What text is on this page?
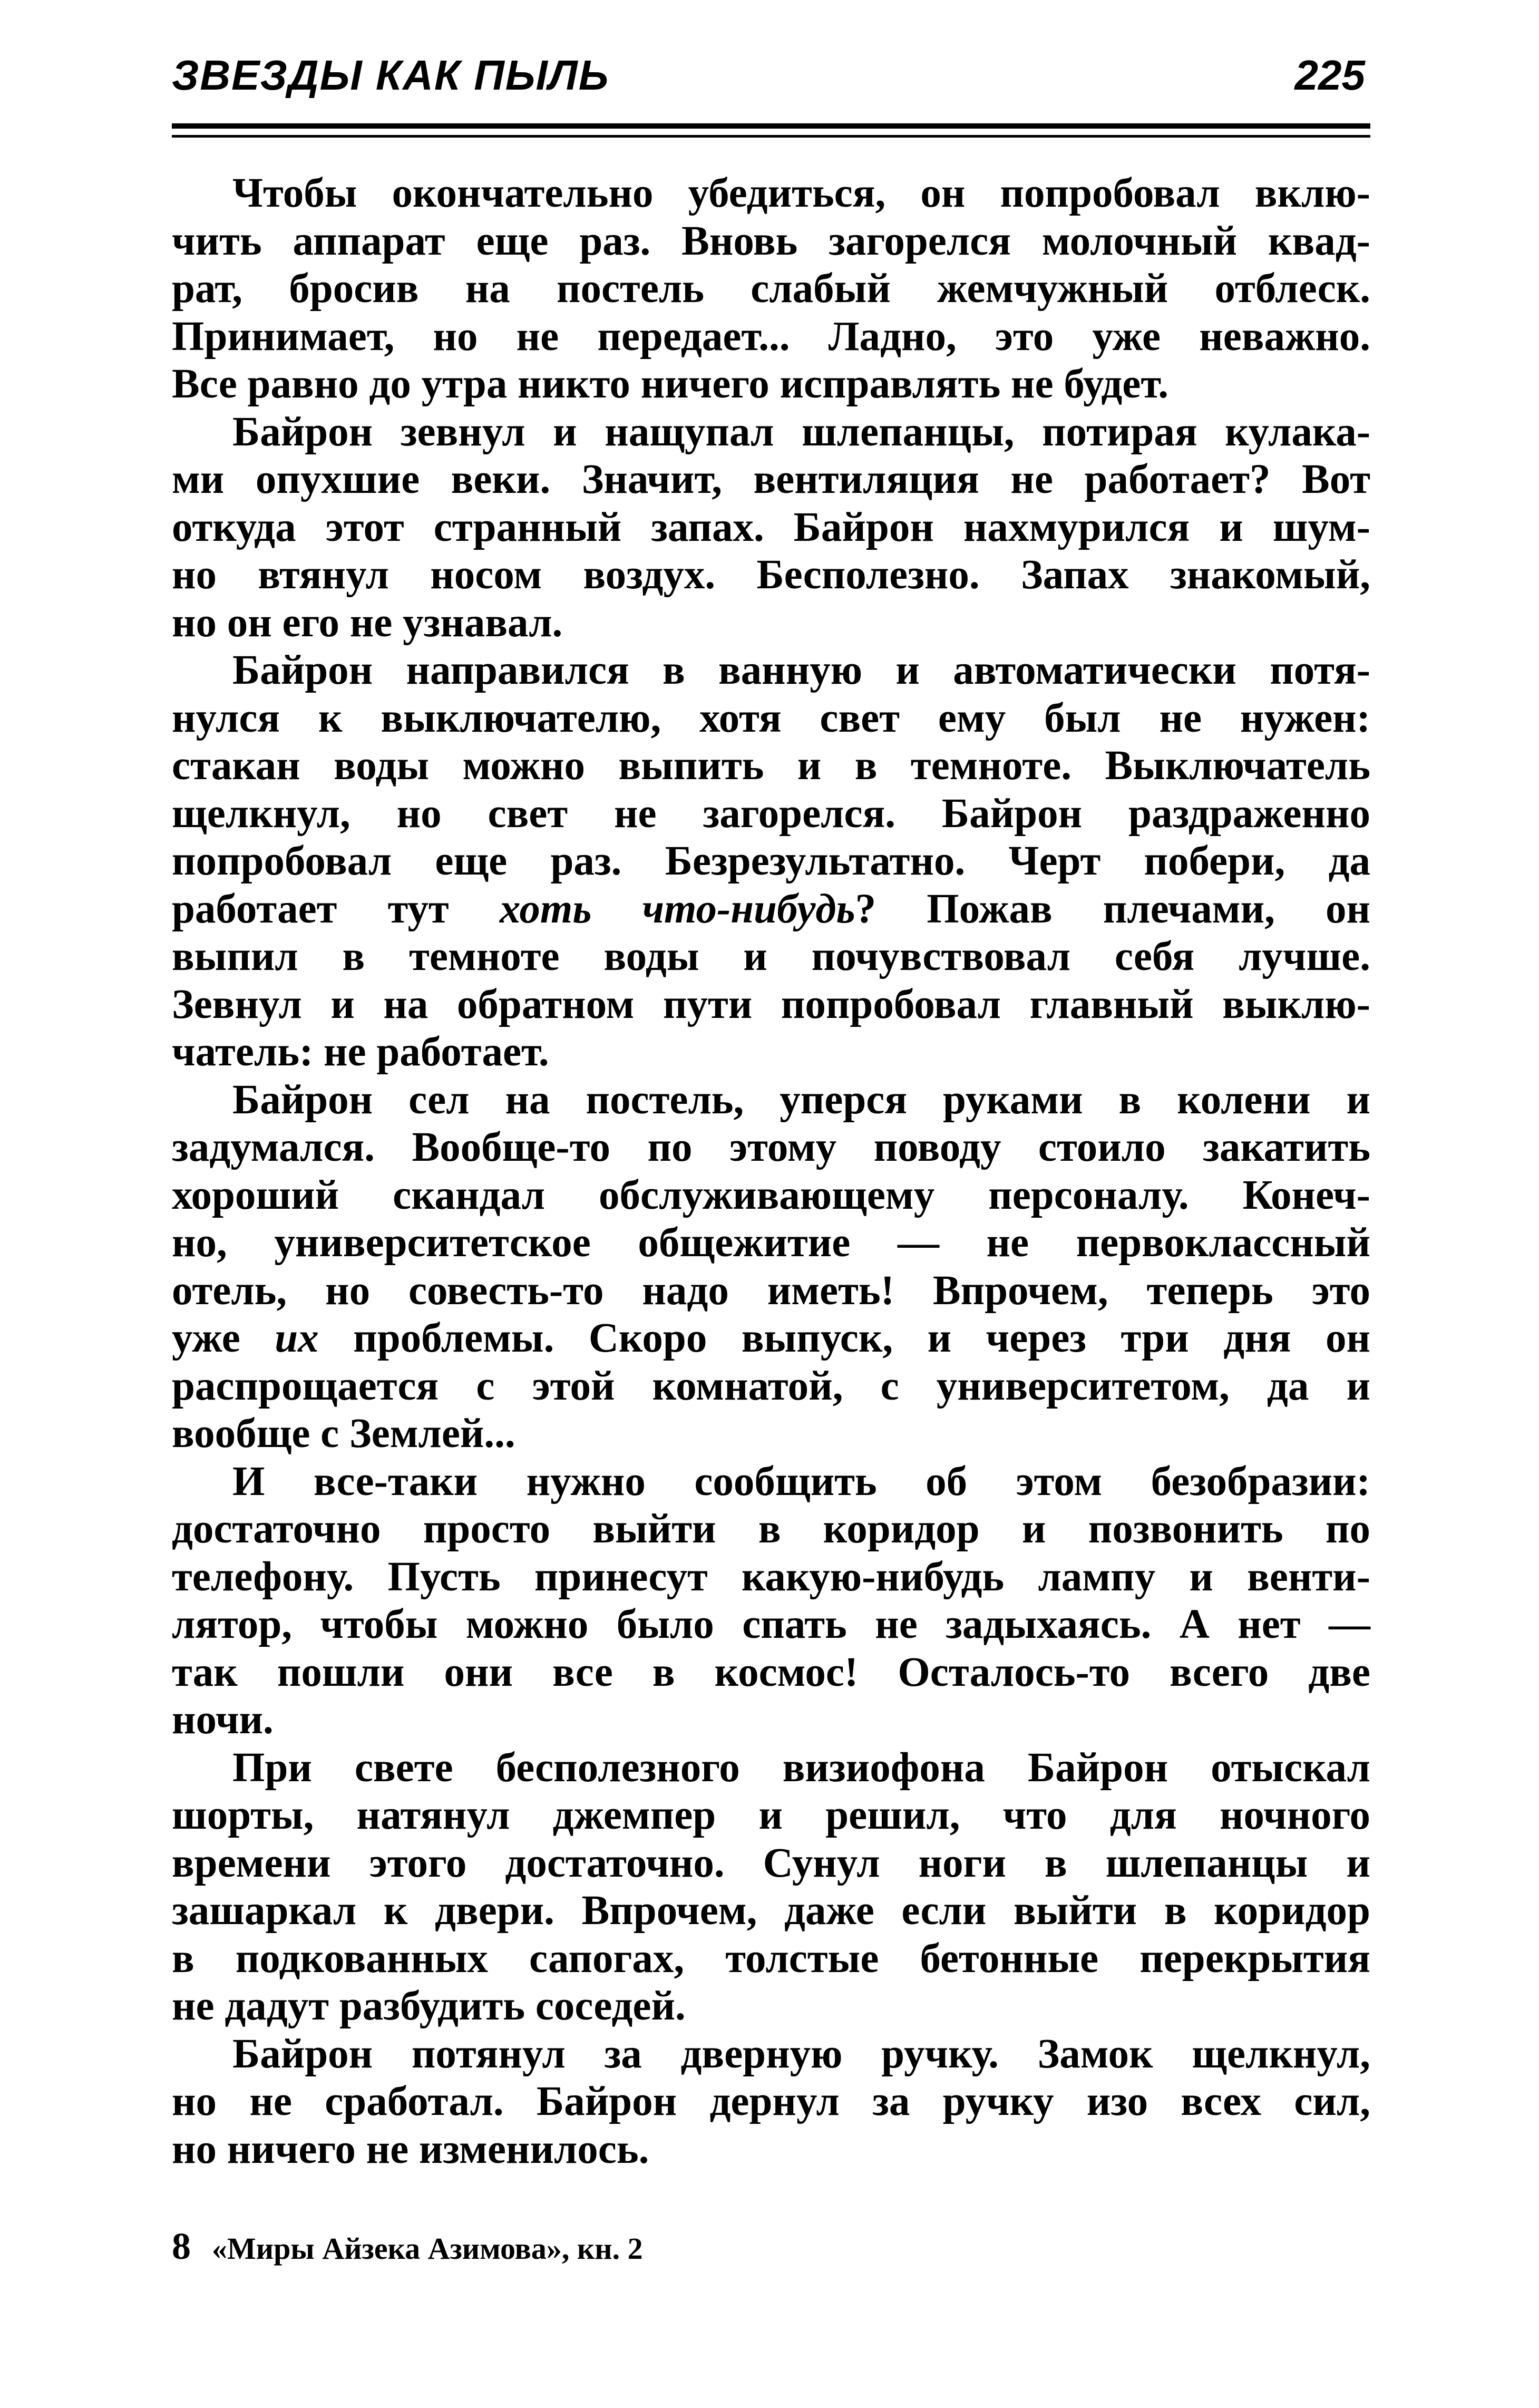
ЗВЕЗДЫ КАК ПЫЛЬ	225
Чтобы окончательно убедиться, он попробовал вклю-
чить аппарат еще раз. Вновь загорелся молочный квад-
рат, бросив на постель слабый жемчужный отблеск.
Принимает, но не передает... Ладно, это уже неважно.
Все равно до утра никто ничего исправлять не будет.
Байрон зевнул и нащупал шлепанцы, потирая кулака-
ми опухшие веки. Значит, вентиляция не работает? Вот
откуда этот странный запах. Байрон нахмурился и шум-
но втянул носом воздух. Бесполезно. Запах знакомый,
но он его не узнавал.
Байрон направился в ванную и автоматически потя-
нулся к выключателю, хотя свет ему был не нужен:
стакан воды можно выпить и в темноте. Выключатель
щелкнул, но свет не загорелся. Байрон раздраженно
попробовал еще раз. Безрезультатно. Черт побери, да
работает тут хоть что-нибудь? Пожав плечами, он
выпил в темноте воды и почувствовал себя лучше.
Зевнул и на обратном пути попробовал главный выклю-
чатель: не работает.
Байрон сел на постель, уперся руками в колени и
задумался. Вообще-то по этому поводу стоило закатить
хороший скандал обслуживающему персоналу. Конеч-
но, университетское общежитие — не первоклассный
отель, но совесть-то надо иметь! Впрочем, теперь это
уже их проблемы. Скоро выпуск, и через три дня он
распрощается с этой комнатой, с университетом, да и
вообще с Землей...
И все-таки нужно сообщить об этом безобразии:
достаточно просто выйти в коридор и позвонить по
телефону. Пусть принесут какую-нибудь лампу и венти-
лятор, чтобы можно было спать не задыхаясь. А нет —
так пошли они все в космос! Осталось-то всего две
ночи.
При свете бесполезного визиофона Байрон отыскал
шорты, натянул джемпер и решил, что для ночного
времени этого достаточно. Сунул ноги в шлепанцы и
зашаркал к двери. Впрочем, даже если выйти в коридор
в подкованных сапогах, толстые бетонные перекрытия
не дадут разбудить соседей.
Байрон потянул за дверную ручку. Замок щелкнул,
но не сработал. Байрон дернул за ручку изо всех сил,
но ничего не изменилось.
8 «Миры Айзека Азимова», кн. 2
